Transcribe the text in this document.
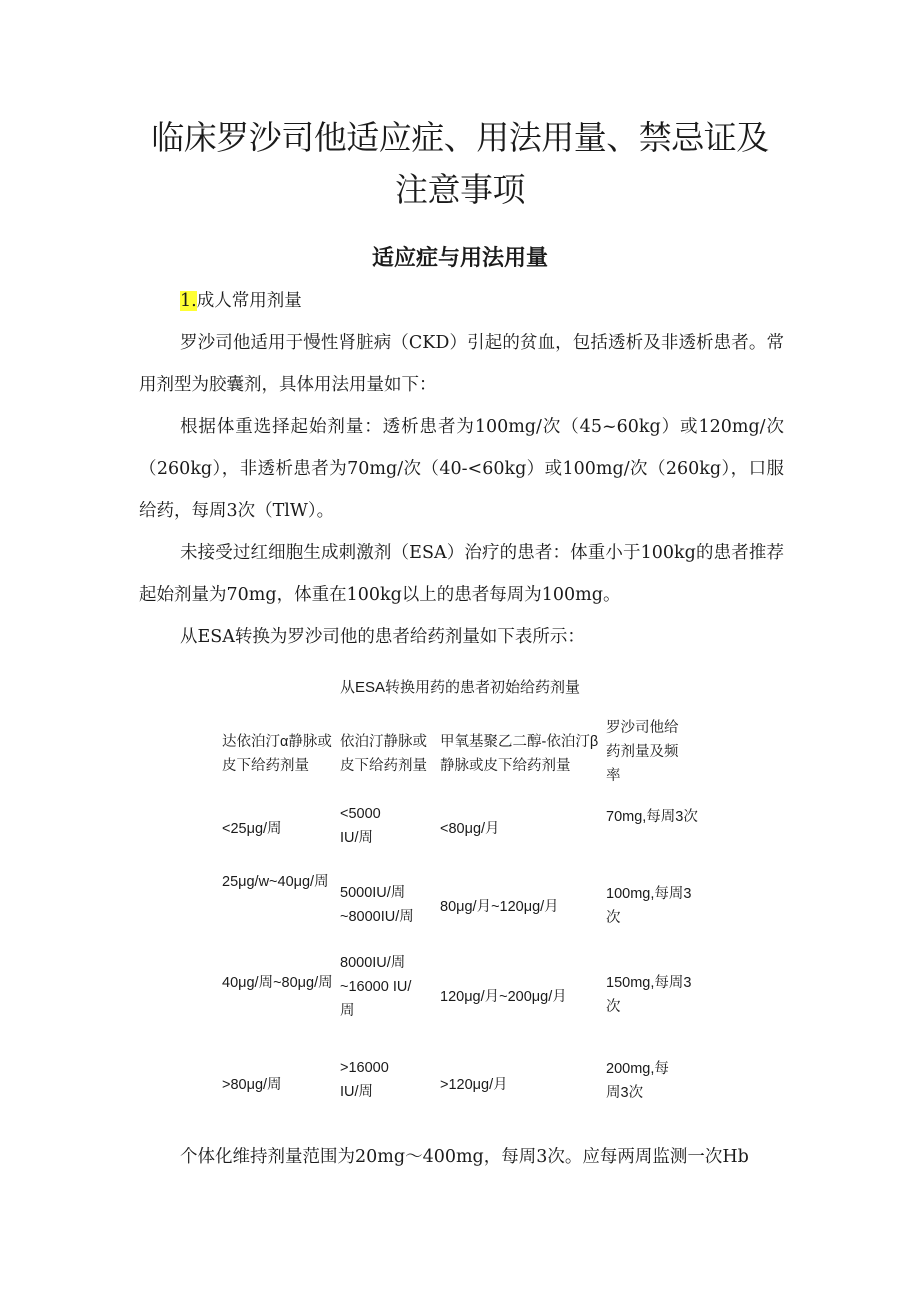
临床罗沙司他适应症、用法用量、禁忌证及
注意事项
适应症与用法用量

1.成人常用剂量

罗沙司他适用于慢性肾脏病（CKD）引起的贫血，包括透析及非透析患者。常用剂型为胶囊剂，具体用法用量如下：

根据体重选择起始剂量：透析患者为100mg/次（45~60kg）或120mg/次（260kg），非透析患者为70mg/次（40-<60kg）或100mg/次（260kg），口服给药，每周3次（TlW）。

未接受过红细胞生成刺激剂（ESA）治疗的患者：体重小于100kg的患者推荐起始剂量为70mg，体重在100kg以上的患者每周为100mg。

从ESA转换为罗沙司他的患者给药剂量如下表所示：

从ESA转换用药的患者初始给药剂量

达依泊汀α静脉或皮下给药剂量
依泊汀静脉或皮下给药剂量
甲氧基聚乙二醇-依泊汀β静脉或皮下给药剂量
罗沙司他给药剂量及频率
<25μg/周
<5000 IU/周
<80μg/月
70mg,每周3次
25μg/w~40μg/周
5000IU/周 ~8000IU/周
80μg/月~120μg/月
100mg,每周3次
40μg/周~80μg/周
8000IU/周 ~16000 IU/周
120μg/月~200μg/月
150mg,每周3次
>80μg/周
>16000 IU/周	>120μg/月
200mg,每周3次

个体化维持剂量范围为20mg～400mg，每周3次。应每两周监测一次Hb
